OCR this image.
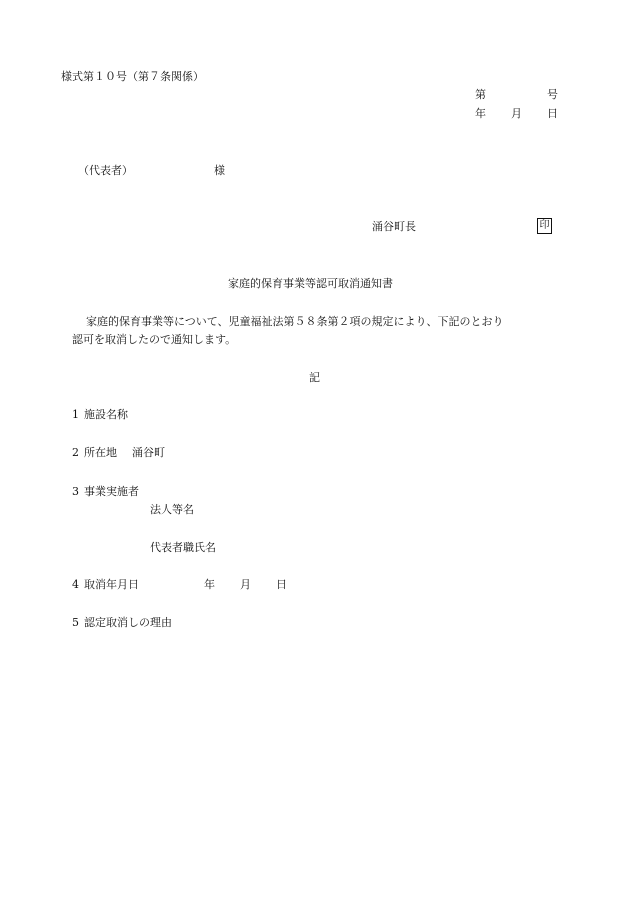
様式第１０号（第７条関係）
第	号
年 月 日
（代表者）	様
涌谷町長	印
家庭的保育事業等認可取消通知書
家庭的保育事業等について、児童福祉法第５８条第２項の規定により、下記のとおり
認可を取消したので通知します。
記
1 施設名称
2 所在地 涌谷町
3 事業実施者
法人等名
代表者職氏名
4 取消年月日	年 月 日
5 認定取消しの理由
